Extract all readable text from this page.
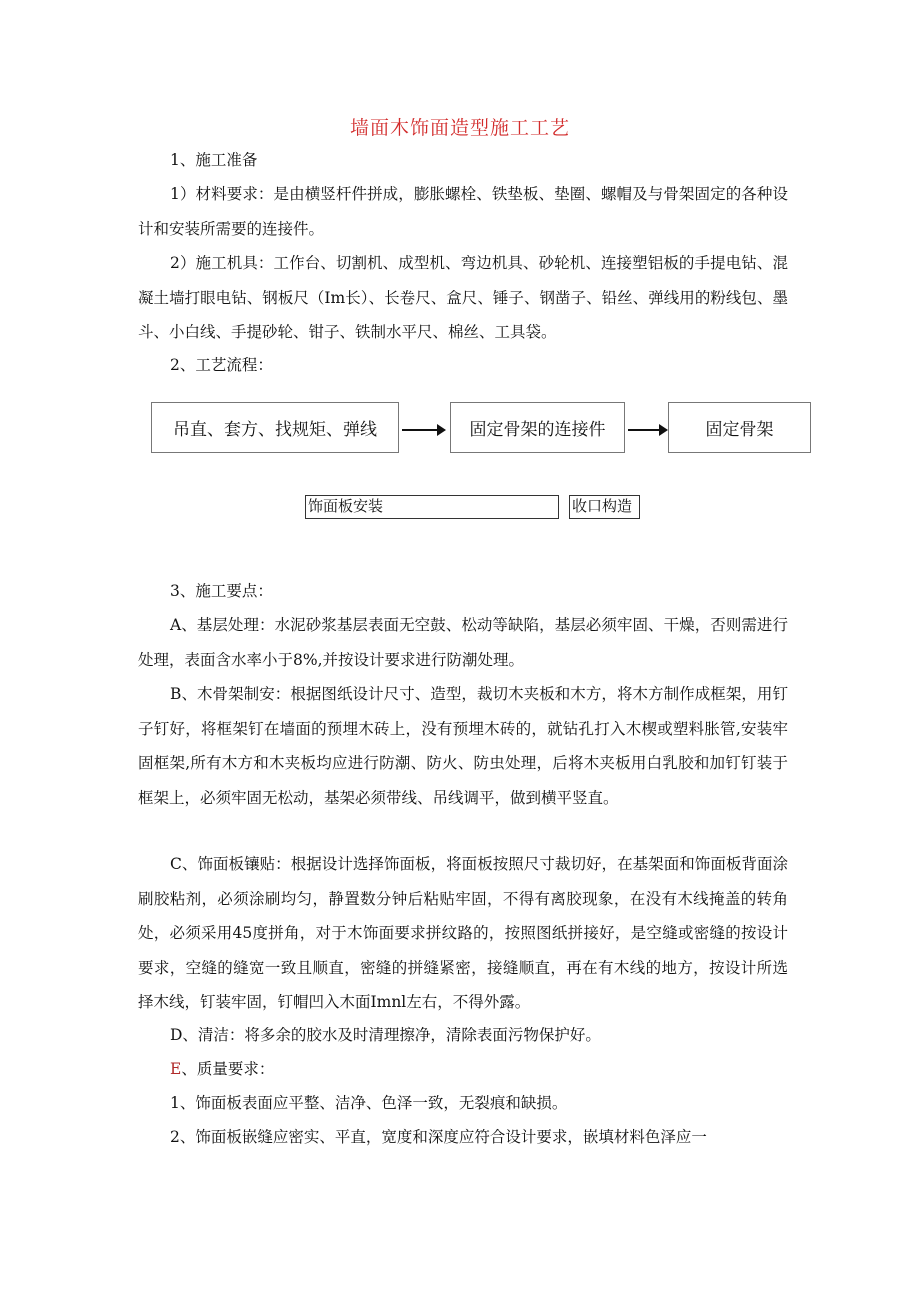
墙面木饰面造型施工工艺
1、施工准备
1）材料要求：是由横竖杆件拼成，膨胀螺栓、铁垫板、垫圈、螺帽及与骨架固定的各种设计和安装所需要的连接件。
2）施工机具：工作台、切割机、成型机、弯边机具、砂轮机、连接塑铝板的手提电钻、混凝土墙打眼电钻、钢板尺（Im长）、长卷尺、盒尺、锤子、钢凿子、铅丝、弹线用的粉线包、墨斗、小白线、手提砂轮、钳子、铁制水平尺、棉丝、工具袋。
2、工艺流程：
吊直、套方、找规矩、弹线	固定骨架的连接件	固定骨架
饰面板安装	收口构造
3、施工要点：
A、基层处理：水泥砂浆基层表面无空鼓、松动等缺陷，基层必须牢固、干燥，否则需进行处理，表面含水率小于8%,并按设计要求进行防潮处理。
B、木骨架制安：根据图纸设计尺寸、造型，裁切木夹板和木方，将木方制作成框架，用钉子钉好，将框架钉在墙面的预埋木砖上，没有预埋木砖的，就钻孔打入木楔或塑料胀管,安装牢固框架,所有木方和木夹板均应进行防潮、防火、防虫处理，后将木夹板用白乳胶和加钉钉装于框架上，必须牢固无松动，基架必须带线、吊线调平，做到横平竖直。
C、饰面板镶贴：根据设计选择饰面板，将面板按照尺寸裁切好，在基架面和饰面板背面涂刷胶粘剂，必须涂刷均匀，静置数分钟后粘贴牢固，不得有离胶现象，在没有木线掩盖的转角处，必须采用45度拼角，对于木饰面要求拼纹路的，按照图纸拼接好，是空缝或密缝的按设计要求，空缝的缝宽一致且顺直，密缝的拼缝紧密，接缝顺直，再在有木线的地方，按设计所选择木线，钉装牢固，钉帽凹入木面Imnl左右，不得外露。
D、清洁：将多余的胶水及时清理擦净，清除表面污物保护好。
E、质量要求：
1、饰面板表面应平整、洁净、色泽一致，无裂痕和缺损。
2、饰面板嵌缝应密实、平直，宽度和深度应符合设计要求，嵌填材料色泽应一
